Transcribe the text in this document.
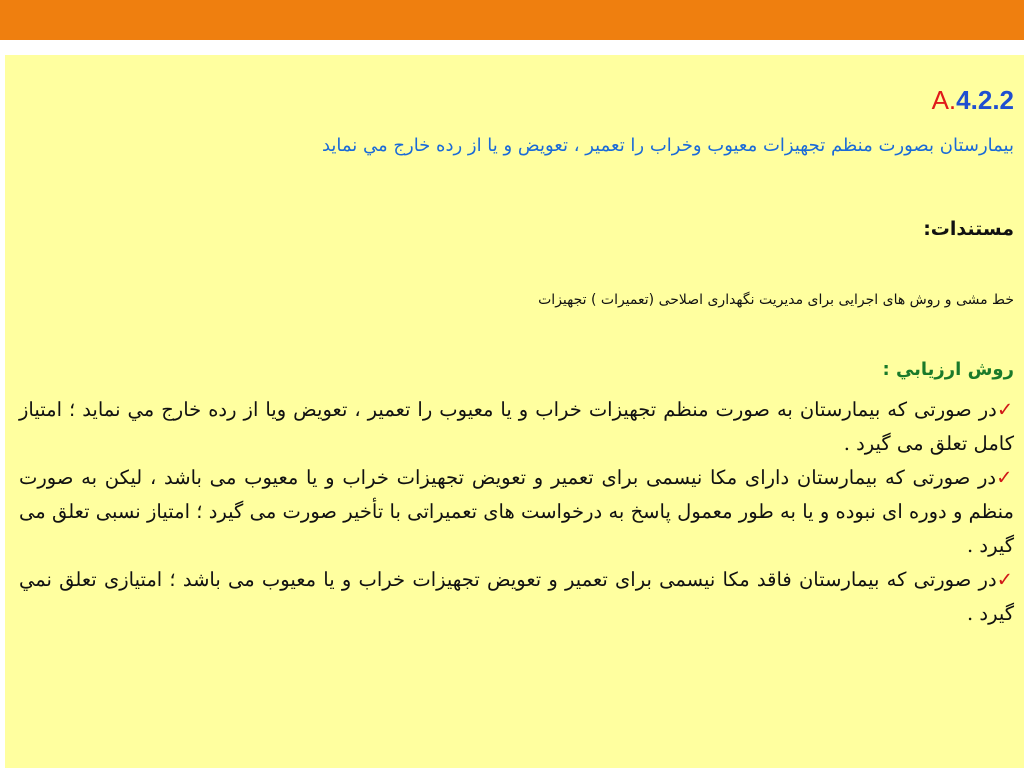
A.4.2.2
بیمارستان بصورت منظم تجهیزات معیوب وخراب را تعمیر ، تعویض و یا از رده خارج مي نماید
مستندات:
خط مشی و روش های اجرایی برای مدیریت نگهداری اصلاحی (تعمیرات ) تجهیزات
روش ارزيابي :

✓در صورتی که بیمارستان به صورت منظم تجهیزات خراب و یا معیوب را تعمیر ، تعویض ویا از رده خارج مي نماید ؛ امتیاز کامل تعلق می گیرد .

✓در صورتی که بیمارستان دارای مکا نیسمی برای تعمیر و تعویض تجهیزات خراب و یا معیوب می باشد ، لیکن به صورت منظم و دوره ای نبوده و یا به طور معمول پاسخ به درخواست های تعمیراتی با تأخیر صورت می گیرد ؛ امتیاز نسبی تعلق می گیرد .

✓در صورتی که بیمارستان فاقد مکا نیسمی برای تعمیر و تعویض تجهیزات خراب و یا معیوب می باشد ؛ امتیازی تعلق نمي گیرد .
